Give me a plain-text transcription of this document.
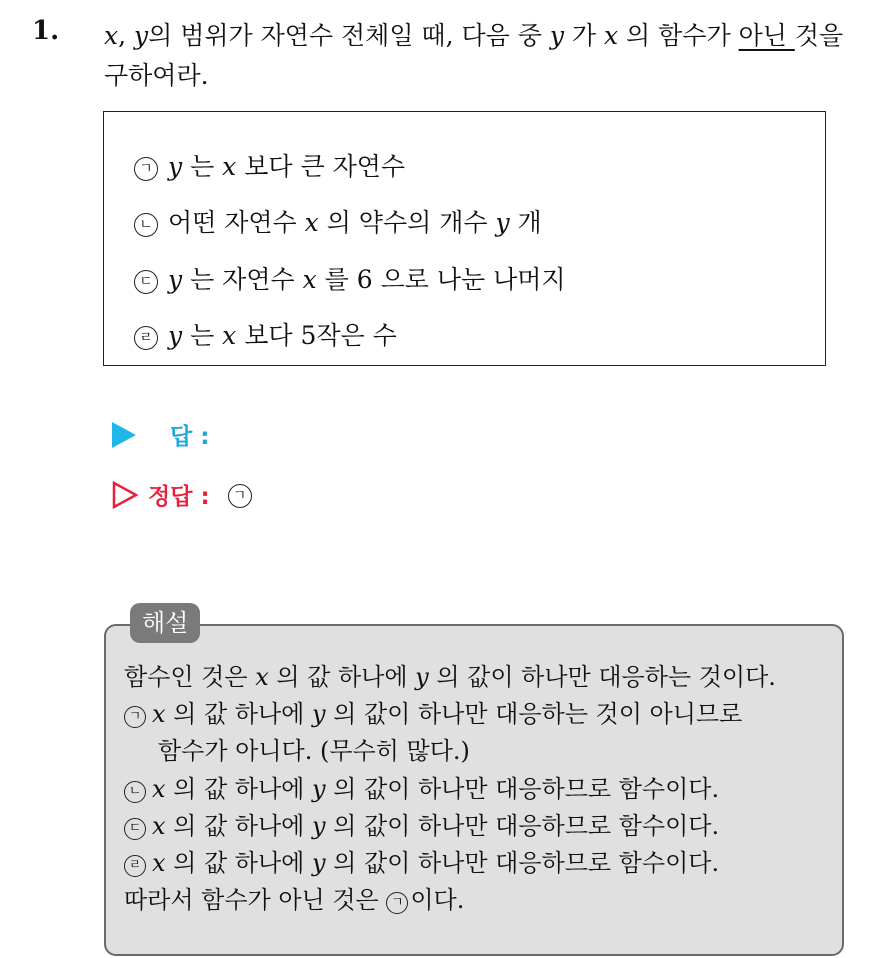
1. x, y의 범위가 자연수 전체일 때, 다음 중 y 가 x 의 함수가 아닌 것을
구하여라.
ㄱ y 는 x 보다 큰 자연수
ㄴ 어떤 자연수 x 의 약수의 개수 y 개
ㄷ y 는 자연수 x 를 6 으로 나눈 나머지
ㄹ y 는 x 보다 5작은 수
답 :
정답 :	ㄱ
해설
함수인 것은 x 의 값 하나에 y 의 값이 하나만 대응하는 것이다.
ㄱ x 의 값 하나에 y 의 값이 하나만 대응하는 것이 아니므로
함수가 아니다. (무수히 많다.)
ㄴ x 의 값 하나에 y 의 값이 하나만 대응하므로 함수이다.
ㄷ x 의 값 하나에 y 의 값이 하나만 대응하므로 함수이다.
ㄹ x 의 값 하나에 y 의 값이 하나만 대응하므로 함수이다.
따라서 함수가 아닌 것은 ㄱ 이다.
